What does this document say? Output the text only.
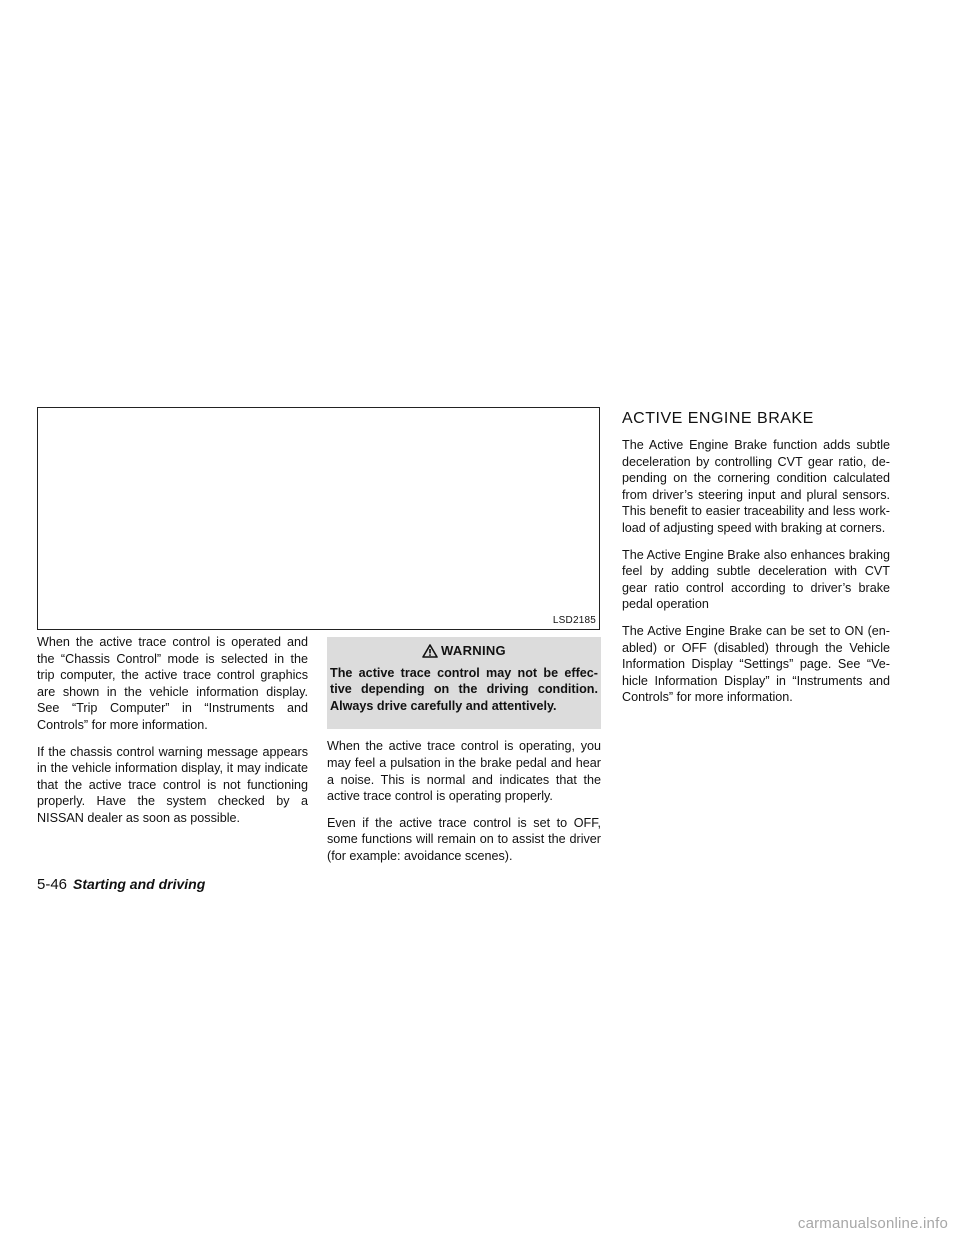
LSD2185

When the active trace control is operated and the “Chassis Control” mode is selected in the trip computer, the active trace control graphics are shown in the vehicle information display. See “Trip Computer” in “Instruments and Controls” for more information.

If the chassis control warning message appears in the vehicle information display, it may indicate that the active trace control is not functioning properly. Have the system checked by a NISSAN dealer as soon as possible.

WARNING

The active trace control may not be effec- tive depending on the driving condition. Always drive carefully and attentively.

When the active trace control is operating, you may feel a pulsation in the brake pedal and hear a noise. This is normal and indicates that the active trace control is operating properly.

Even if the active trace control is set to OFF, some functions will remain on to assist the driver (for example: avoidance scenes).

ACTIVE ENGINE BRAKE

The Active Engine Brake function adds subtle deceleration by controlling CVT gear ratio, de- pending on the cornering condition calculated from driver’s steering input and plural sensors. This benefit to easier traceability and less work- load of adjusting speed with braking at corners.

The Active Engine Brake also enhances braking feel by adding subtle deceleration with CVT gear ratio control according to driver’s brake pedal operation

The Active Engine Brake can be set to ON (en- abled) or OFF (disabled) through the Vehicle Information Display “Settings” page. See “Ve- hicle Information Display” in “Instruments and Controls” for more information.

5-46 Starting and driving
carmanualsonline.info
